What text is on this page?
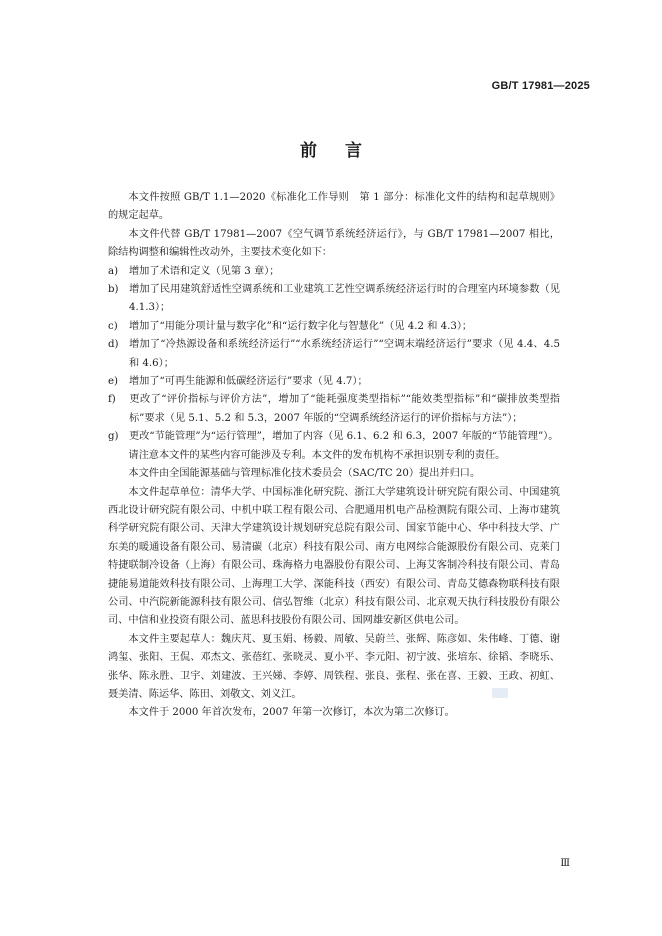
GB/T 17981—2025
前言

本文件按照 GB/T 1.1—2020《标准化工作导则　第 1 部分：标准化文件的结构和起草规则》的规定起草。

本文件代替 GB/T 17981—2007《空气调节系统经济运行》，与 GB/T 17981—2007 相比，除结构调整和编辑性改动外，主要技术变化如下：

a) 增加了术语和定义（见第 3 章）；

b) 增加了民用建筑舒适性空调系统和工业建筑工艺性空调系统经济运行时的合理室内环境参数（见 4.1.3）；

c) 增加了“用能分项计量与数字化”和“运行数字化与智慧化”（见 4.2 和 4.3）；

d) 增加了“冷热源设备和系统经济运行”“水系统经济运行”“空调末端经济运行”要求（见 4.4、4.5 和 4.6）；

e) 增加了“可再生能源和低碳经济运行”要求（见 4.7）；

f) 更改了“评价指标与评价方法”，增加了“能耗强度类型指标”“能效类型指标”和“碳排放类型指标”要求（见 5.1、5.2 和 5.3，2007 年版的“空调系统经济运行的评价指标与方法”）；

g) 更改“节能管理”为“运行管理”，增加了内容（见 6.1、6.2 和 6.3，2007 年版的“节能管理”）。

请注意本文件的某些内容可能涉及专利。本文件的发布机构不承担识别专利的责任。

本文件由全国能源基础与管理标准化技术委员会（SAC/TC 20）提出并归口。

本文件起草单位：清华大学、中国标准化研究院、浙江大学建筑设计研究院有限公司、中国建筑西北设计研究院有限公司、中机中联工程有限公司、合肥通用机电产品检测院有限公司、上海市建筑科学研究院有限公司、天津大学建筑设计规划研究总院有限公司、国家节能中心、华中科技大学、广东美的暖通设备有限公司、易清碳（北京）科技有限公司、南方电网综合能源股份有限公司、克莱门特捷联制冷设备（上海）有限公司、珠海格力电器股份有限公司、上海艾客制冷科技有限公司、青岛捷能易道能效科技有限公司、上海理工大学、深能科技（西安）有限公司、青岛艾德森物联科技有限公司、中汽院新能源科技有限公司、信弘智维（北京）科技有限公司、北京观天执行科技股份有限公司、中信和业投资有限公司、蓝思科技股份有限公司、国网雄安新区供电公司。

本文件主要起草人：魏庆芃、夏玉娟、杨毅、周敏、吴蔚兰、张辉、陈彦如、朱伟峰、丁德、谢鸿玺、张阳、王侃、邓杰文、张蓓红、张晓灵、夏小平、李元阳、初宁波、张培东、徐韬、李晓乐、张华、陈永胜、卫宇、刘建波、王兴娣、李婷、周铁程、张良、张程、张在喜、王毅、王政、初虹、聂美清、陈运华、陈田、刘敬文、刘义江。

本文件于 2000 年首次发布，2007 年第一次修订，本次为第二次修订。

Ⅲ
